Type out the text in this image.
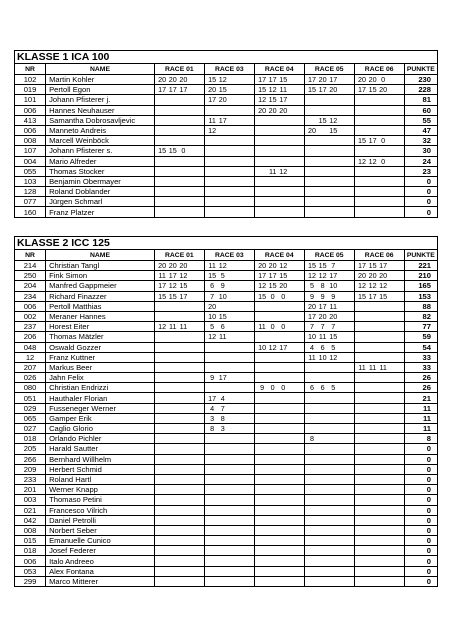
KLASSE 1 ICA 100
NR	NAME	RACE 01	RACE 03	RACE 04	RACE 05	RACE 06	PUNKTE
102	Martin Kohler	20 20 20	15 12	17 17 15	17 20 17	20 20 0	230
019	Pertoll Egon	17 17 17	20 15	15 12 11	15 17 20	17 15 20	228
101	Johann Pfisterer j.		17 20	12 15 17			81
006	Hannes Neuhauser			20 20 20			60
413	Samantha Dobrosavljevic		11 17		15 12		55
006	Manneto Andreis		12		20 15		47
008	Marcell Weinböck					15 17 0	32
107	Johann Pfisterer s.	15 15 0					30
004	Mario Alfreder					12 12 0	24
055	Thomas Stocker			11 12			23
103	Benjamin Obermayer						0
128	Roland Doblander						0
077	Jürgen Schmarl						0
160	Franz Platzer						0
KLASSE 2 ICC 125
NR	NAME	RACE 01	RACE 03	RACE 04	RACE 05	RACE 06	PUNKTE
214	Christian Tangl	20 20 20	11 12	20 20 12	15 15 7	17 15 17	221
250	Fink Simon	11 17 12	15 5	17 17 15	12 12 17	20 20 20	210
204	Manfred Gappmeier	17 12 15	6 9	12 15 20	5 8 10	12 12 12	165
234	Richard Finazzer	15 15 17	7 10	15 0 0	9 9 9	15 17 15	153
006	Pertoll Matthias		20		20 17 11		88
002	Meraner Hannes		10 15		17 20 20		82
237	Horest Eiter	12 11 11	5 6	11 0 0	7 7 7		77
206	Thomas Mätzler		12 11		10 11 15		59
048	Oswald Gozzer			10 12 17	4 6 5		54
12	Franz Kuttner				11 10 12		33
207	Markus Beer					11 11 11	33
026	Jahn Felix		9 17				26
080	Christian Endrizzi			9 0 0	6 6 5		26
051	Hauthaler Florian		17 4				21
029	Fusseneger Werner		4 7				11
065	Gamper Erik		3 8				11
027	Caglio Glorio		8 3				11
018	Orlando Pichler				8		8
205	Harald Sautter						0
266	Bernhard Willhelm						0
209	Herbert Schmid						0
233	Roland Hartl						0
201	Werner Knapp						0
003	Thomaso Petini						0
021	Francesco Vilrich						0
042	Daniel Petrolli						0
008	Norbert Seber						0
015	Emanuelle Cunico						0
018	Josef Federer						0
006	Italo Andreeo						0
053	Alex Fontana						0
299	Marco Mitterer						0
